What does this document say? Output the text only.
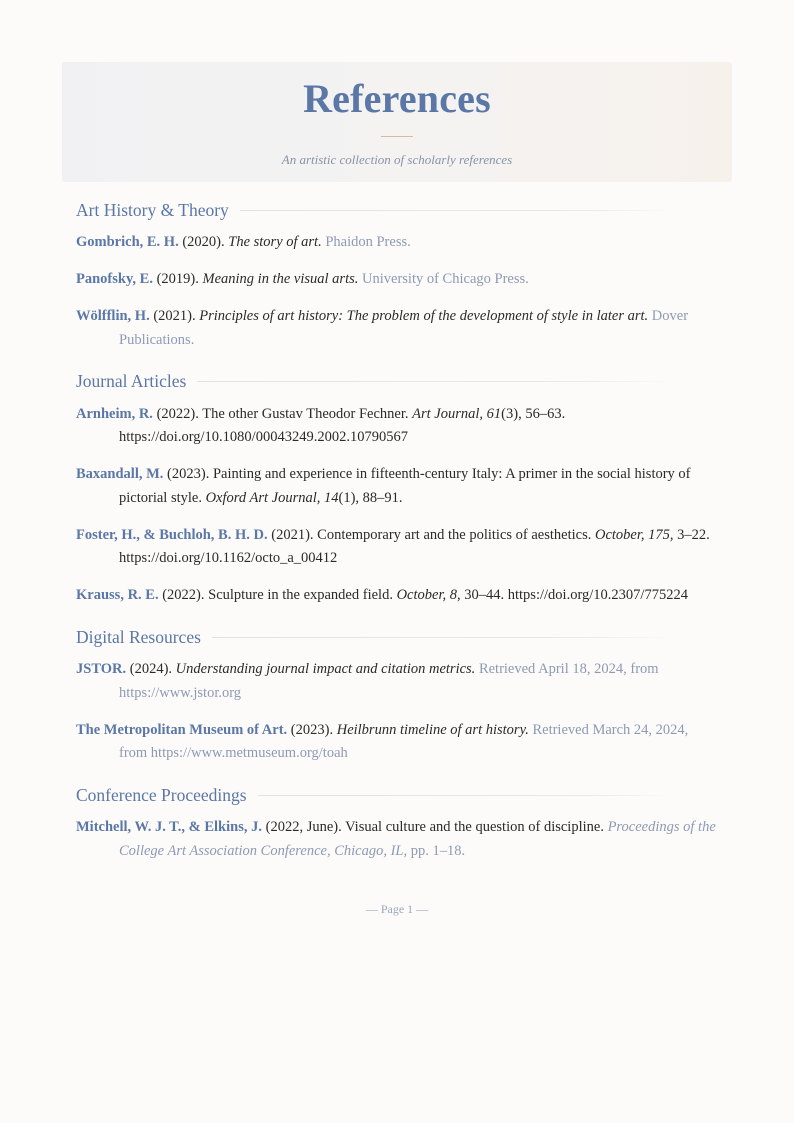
References
An artistic collection of scholarly references
Art History & Theory
Gombrich, E. H. (2020). The story of art. Phaidon Press.
Panofsky, E. (2019). Meaning in the visual arts. University of Chicago Press.
Wölfflin, H. (2021). Principles of art history: The problem of the development of style in later art. Dover Publications.
Journal Articles
Arnheim, R. (2022). The other Gustav Theodor Fechner. Art Journal, 61(3), 56–63. https://doi.org/10.1080/00043249.2002.10790567
Baxandall, M. (2023). Painting and experience in fifteenth-century Italy: A primer in the social history of pictorial style. Oxford Art Journal, 14(1), 88–91.
Foster, H., & Buchloh, B. H. D. (2021). Contemporary art and the politics of aesthetics. October, 175, 3–22. https://doi.org/10.1162/octo_a_00412
Krauss, R. E. (2022). Sculpture in the expanded field. October, 8, 30–44. https://doi.org/10.2307/775224
Digital Resources
JSTOR. (2024). Understanding journal impact and citation metrics. Retrieved April 18, 2024, from https://www.jstor.org
The Metropolitan Museum of Art. (2023). Heilbrunn timeline of art history. Retrieved March 24, 2024, from https://www.metmuseum.org/toah
Conference Proceedings
Mitchell, W. J. T., & Elkins, J. (2022, June). Visual culture and the question of discipline. Proceedings of the College Art Association Conference, Chicago, IL, pp. 1–18.
— Page 1 —
